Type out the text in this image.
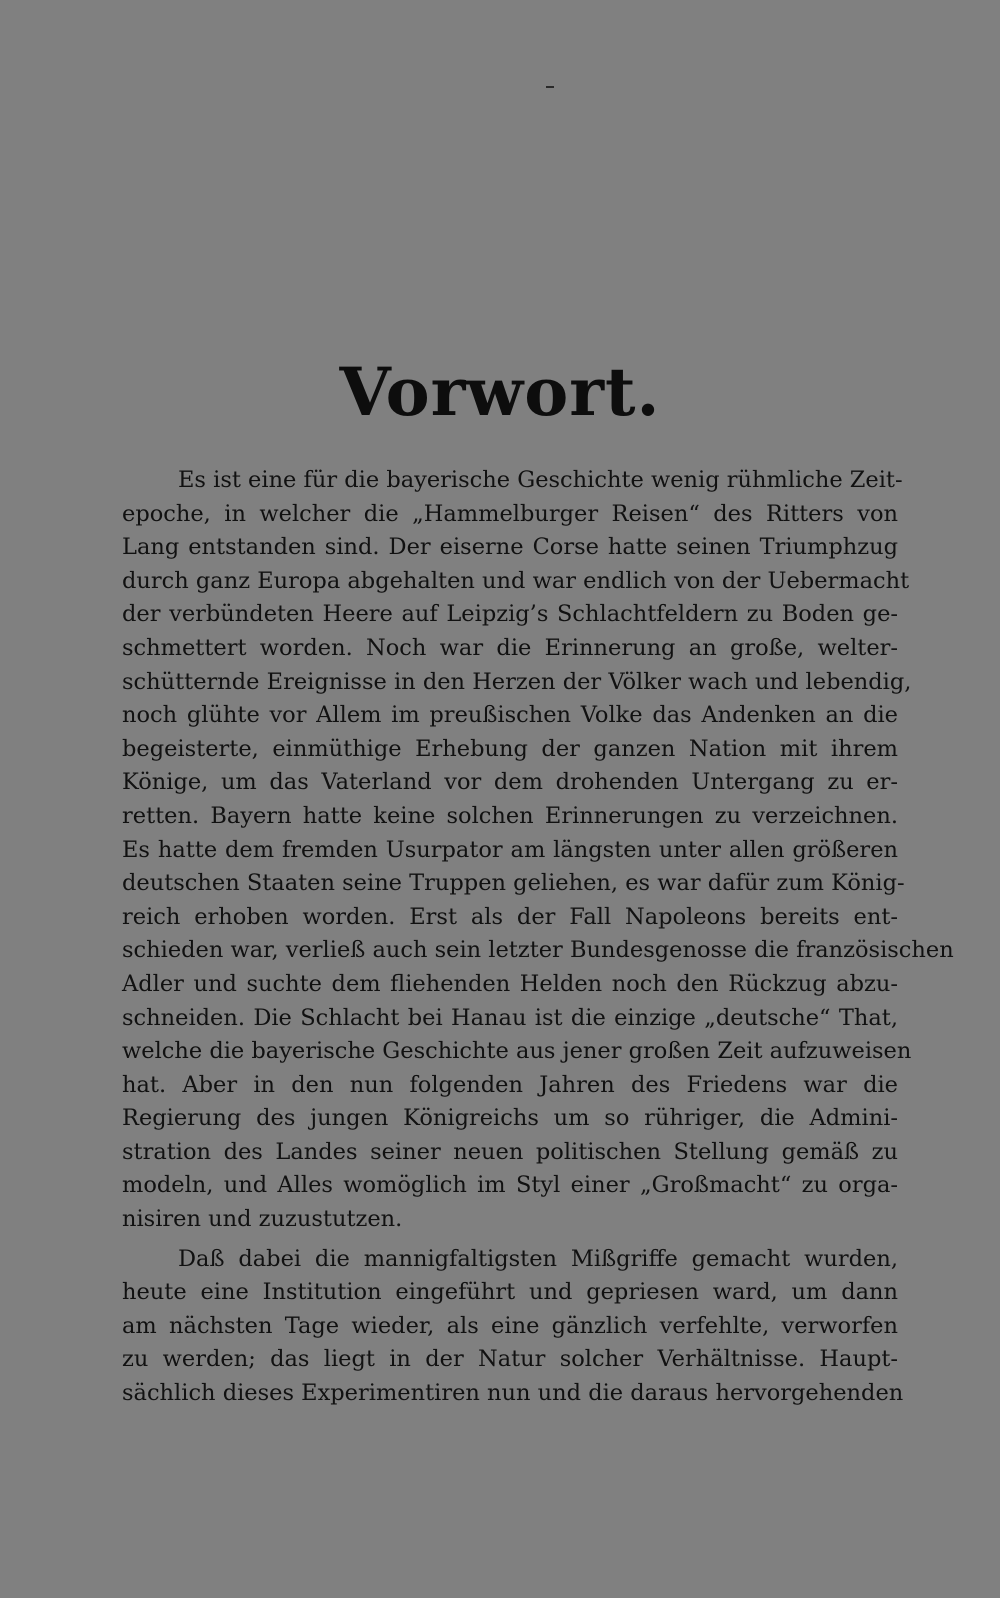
Vorwort.

Es ist eine für die bayerische Geschichte wenig rühmliche Zeit-
epoche, in welcher die „Hammelburger Reisen“ des Ritters von
Lang entstanden sind. Der eiserne Corse hatte seinen Triumphzug
durch ganz Europa abgehalten und war endlich von der Uebermacht
der verbündeten Heere auf Leipzig’s Schlachtfeldern zu Boden ge-
schmettert worden. Noch war die Erinnerung an große, welter-
schütternde Ereignisse in den Herzen der Völker wach und lebendig,
noch glühte vor Allem im preußischen Volke das Andenken an die
begeisterte, einmüthige Erhebung der ganzen Nation mit ihrem
Könige, um das Vaterland vor dem drohenden Untergang zu er-
retten. Bayern hatte keine solchen Erinnerungen zu verzeichnen.
Es hatte dem fremden Usurpator am längsten unter allen größeren
deutschen Staaten seine Truppen geliehen, es war dafür zum König-
reich erhoben worden. Erst als der Fall Napoleons bereits ent-
schieden war, verließ auch sein letzter Bundesgenosse die französischen
Adler und suchte dem fliehenden Helden noch den Rückzug abzu-
schneiden. Die Schlacht bei Hanau ist die einzige „deutsche“ That,
welche die bayerische Geschichte aus jener großen Zeit aufzuweisen
hat. Aber in den nun folgenden Jahren des Friedens war die
Regierung des jungen Königreichs um so rühriger, die Admini-
stration des Landes seiner neuen politischen Stellung gemäß zu
modeln, und Alles womöglich im Styl einer „Großmacht“ zu orga-
nisiren und zuzustutzen.

Daß dabei die mannigfaltigsten Mißgriffe gemacht wurden,
heute eine Institution eingeführt und gepriesen ward, um dann
am nächsten Tage wieder, als eine gänzlich verfehlte, verworfen
zu werden; das liegt in der Natur solcher Verhältnisse. Haupt-
sächlich dieses Experimentiren nun und die daraus hervorgehenden
